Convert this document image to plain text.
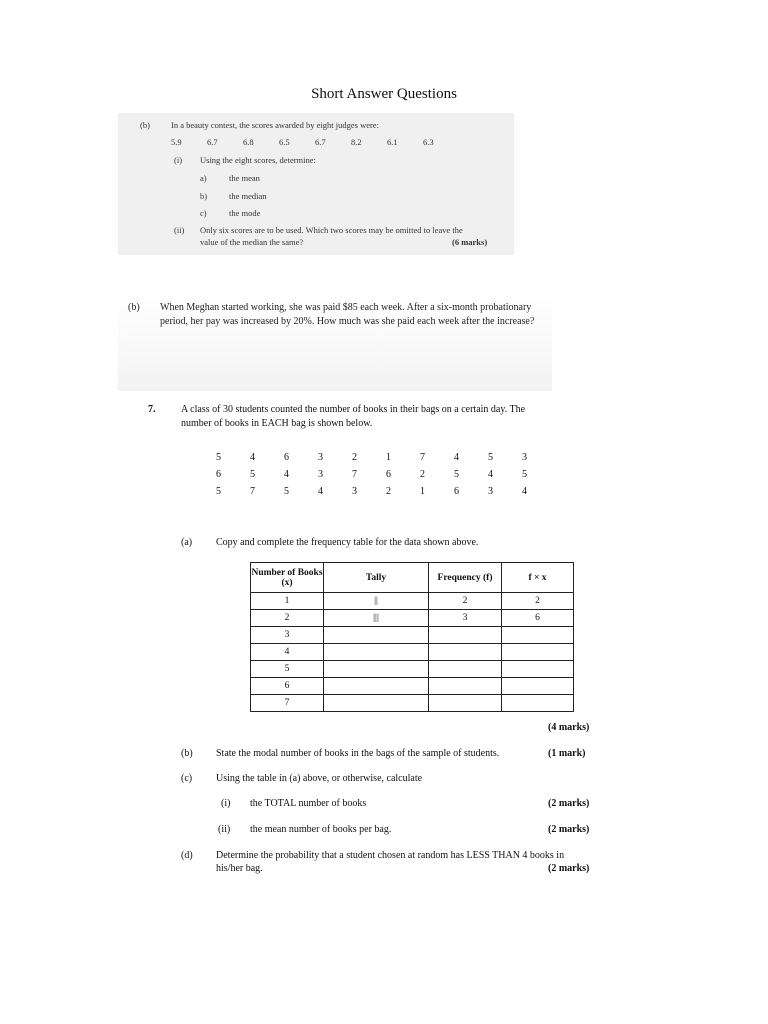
Short Answer Questions
(b) In a beauty contest, the scores awarded by eight judges were:
5.9	6.7	6.8	6.5	6.7	8.2	6.1	6.3
(i) Using the eight scores, determine:
a)	the mean
b)	the median
c)	the mode
(ii) Only six scores are to be used. Which two scores may be omitted to leave the
value of the median the same?	(6 marks)
(b) When Meghan started working, she was paid $85 each week. After a six-month probationary
period, her pay was increased by 20%. How much was she paid each week after the increase?
7.	A class of 30 students counted the number of books in their bags on a certain day. The
number of books in EACH bag is shown below.
5	4	6	3	2	1	7	4	5	3
6	5	4	3	7	6	2	5	4	5
5	7	5	4	3	2	1	6	3	4
(a) Copy and complete the frequency table for the data shown above.
Number of Books (x)	Tally	Frequency (f)	f × x
1	||	2	2
2	|||	3	6
3			
4			
5			
6			
7			
(4 marks)
(b) State the modal number of books in the bags of the sample of students.	(1 mark)
(c) Using the table in (a) above, or otherwise, calculate
(i) the TOTAL number of books	(2 marks)
(ii) the mean number of books per bag.	(2 marks)
(d) Determine the probability that a student chosen at random has LESS THAN 4 books in
his/her bag.	(2 marks)
